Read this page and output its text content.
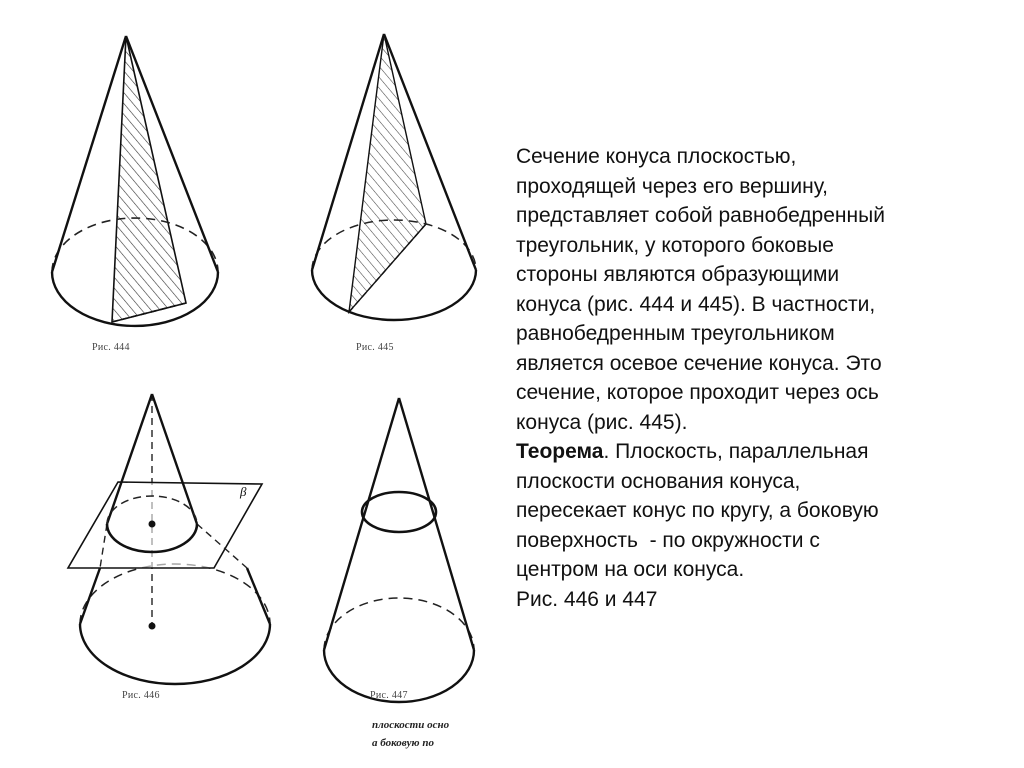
Рис. 444	Рис. 445
β
Рис. 446	Рис. 447
плоскости осно
а боковую по
Сечение конуса плоскостью,
проходящей через его вершину,
представляет собой равнобедренный
треугольник, у которого боковые
стороны являются образующими
конуса (рис. 444 и 445). В частности,
равнобедренным треугольником
является осевое сечение конуса. Это
сечение, которое проходит через ось
конуса (рис. 445).
Теорема. Плоскость, параллельная
плоскости основания конуса,
пересекает конус по кругу, а боковую
поверхность  - по окружности с
центром на оси конуса.
Рис. 446 и 447
